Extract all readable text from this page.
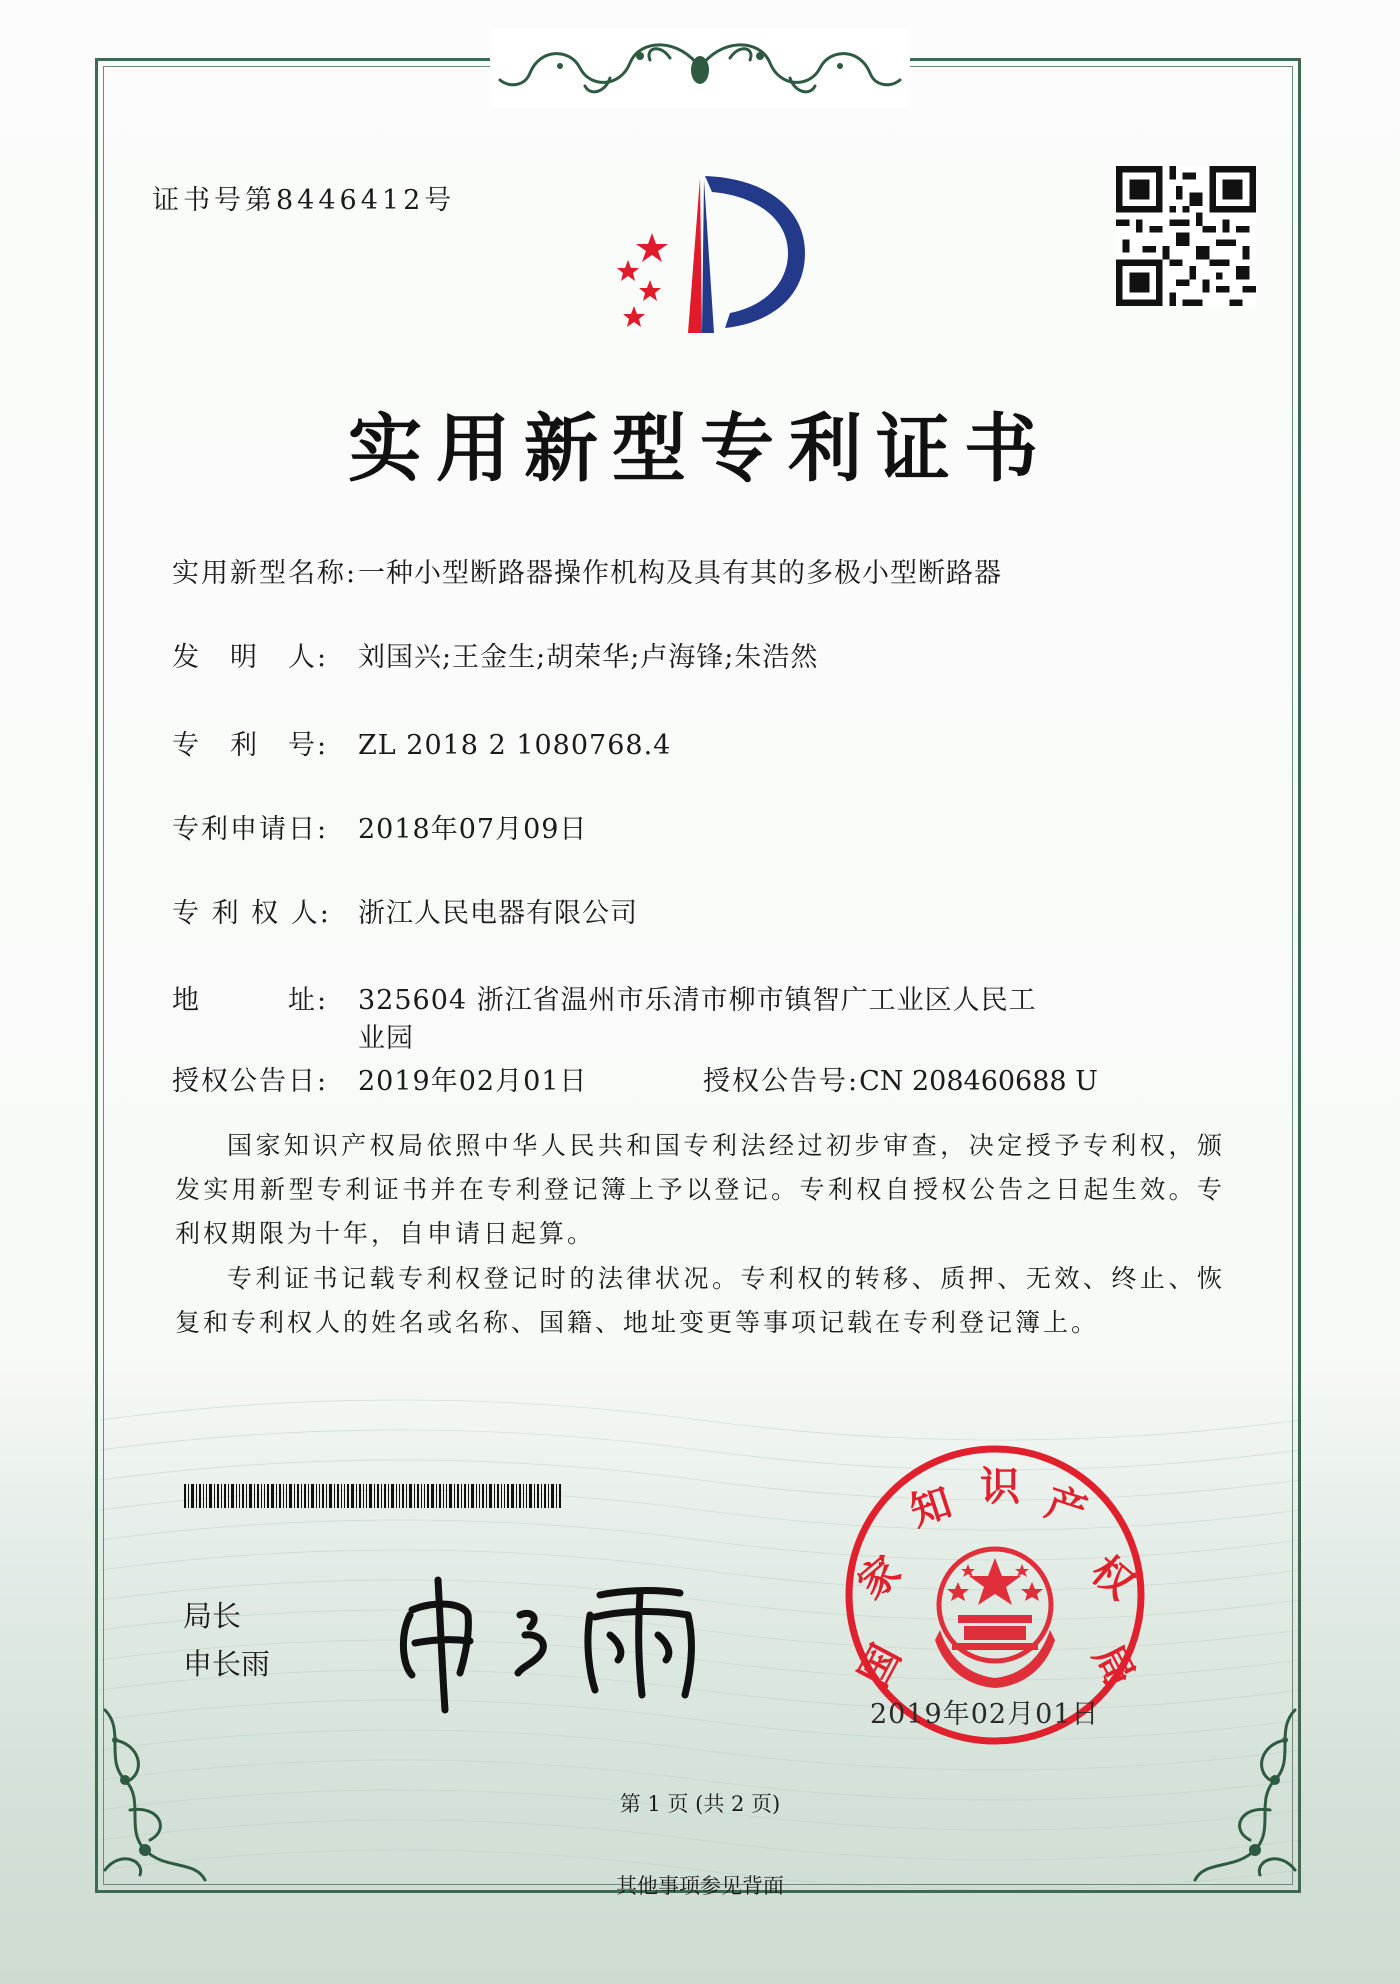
证书号第8446412号
实用新型专利证书
实用新型名称:一种小型断路器操作机构及具有其的多极小型断路器
发　明　人: 刘国兴;王金生;胡荣华;卢海锋;朱浩然
专　利　号: ZL 2018 2 1080768.4
专利申请日: 2018年07月09日
专 利 权 人: 浙江人民电器有限公司
地　　　址: 325604 浙江省温州市乐清市柳市镇智广工业区人民工业园
授权公告日: 2019年02月01日	授权公告号:CN 208460688 U
国家知识产权局依照中华人民共和国专利法经过初步审查，决定授予专利权，颁发实用新型专利证书并在专利登记簿上予以登记。专利权自授权公告之日起生效。专利权期限为十年，自申请日起算。
专利证书记载专利权登记时的法律状况。专利权的转移、质押、无效、终止、恢复和专利权人的姓名或名称、国籍、地址变更等事项记载在专利登记簿上。
局长
申长雨	国
家
知 识 产
权
局
2019年02月01日
第 1 页 (共 2 页)
其他事项参见背面
